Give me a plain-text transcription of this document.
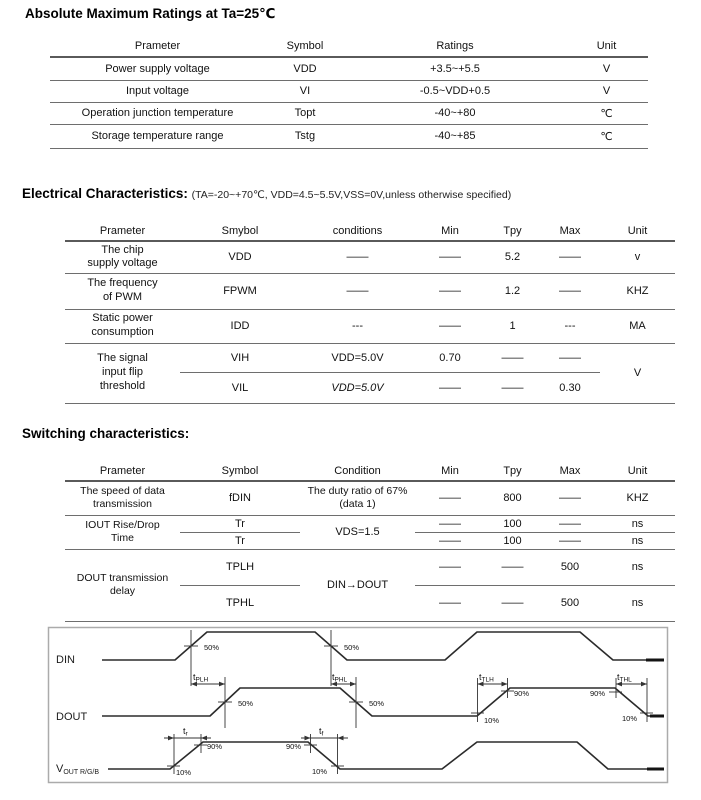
Absolute Maximum Ratings at Ta=25℃
Prameter	Symbol	Ratings	Unit
Power supply voltage	VDD	+3.5~+5.5	V
Input voltage	VI	-0.5~VDD+0.5	V
Operation junction temperature	Topt	-40~+80	℃
Storage temperature range	Tstg	-40~+85	℃
Electrical Characteristics: (TA=-20~+70℃, VDD=4.5~5.5V,VSS=0V,unless otherwise specified)
Prameter	Smybol	conditions	Min	Tpy	Max	Unit

The chip
supply voltage	VDD	——	——	5.2	——	v

The frequency
of PWM	FPWM	——	——	1.2	——	KHZ

Static power
consumption	IDD	---	——	1	---	MA

The signal
input flip
threshold	VIH	VDD=5.0V	0.70	——	——	V
	VIL	VDD=5.0V	——	——	0.30	
Switching characteristics:
Prameter	Symbol	Condition	Min	Tpy	Max	Unit

The speed of data
transmission	fDIN	The duty ratio of 67%
(data 1)	——	800	——	KHZ

IOUT Rise/Drop
Time	Tr	VDS=1.5	——	100	——	ns
	Tr		——	100	——	ns

DOUT transmission
delay	TPLH	DIN→DOUT	——	——	500	ns
	TPHL		——	——	500	ns
DIN
DOUT
VOUT R/G/B
50%	50%
50%	50%
tPLH	tPHL	tTLH
90%
10%
tTHL
90%
10%
tr
90%
10%
tf
90%
10%
